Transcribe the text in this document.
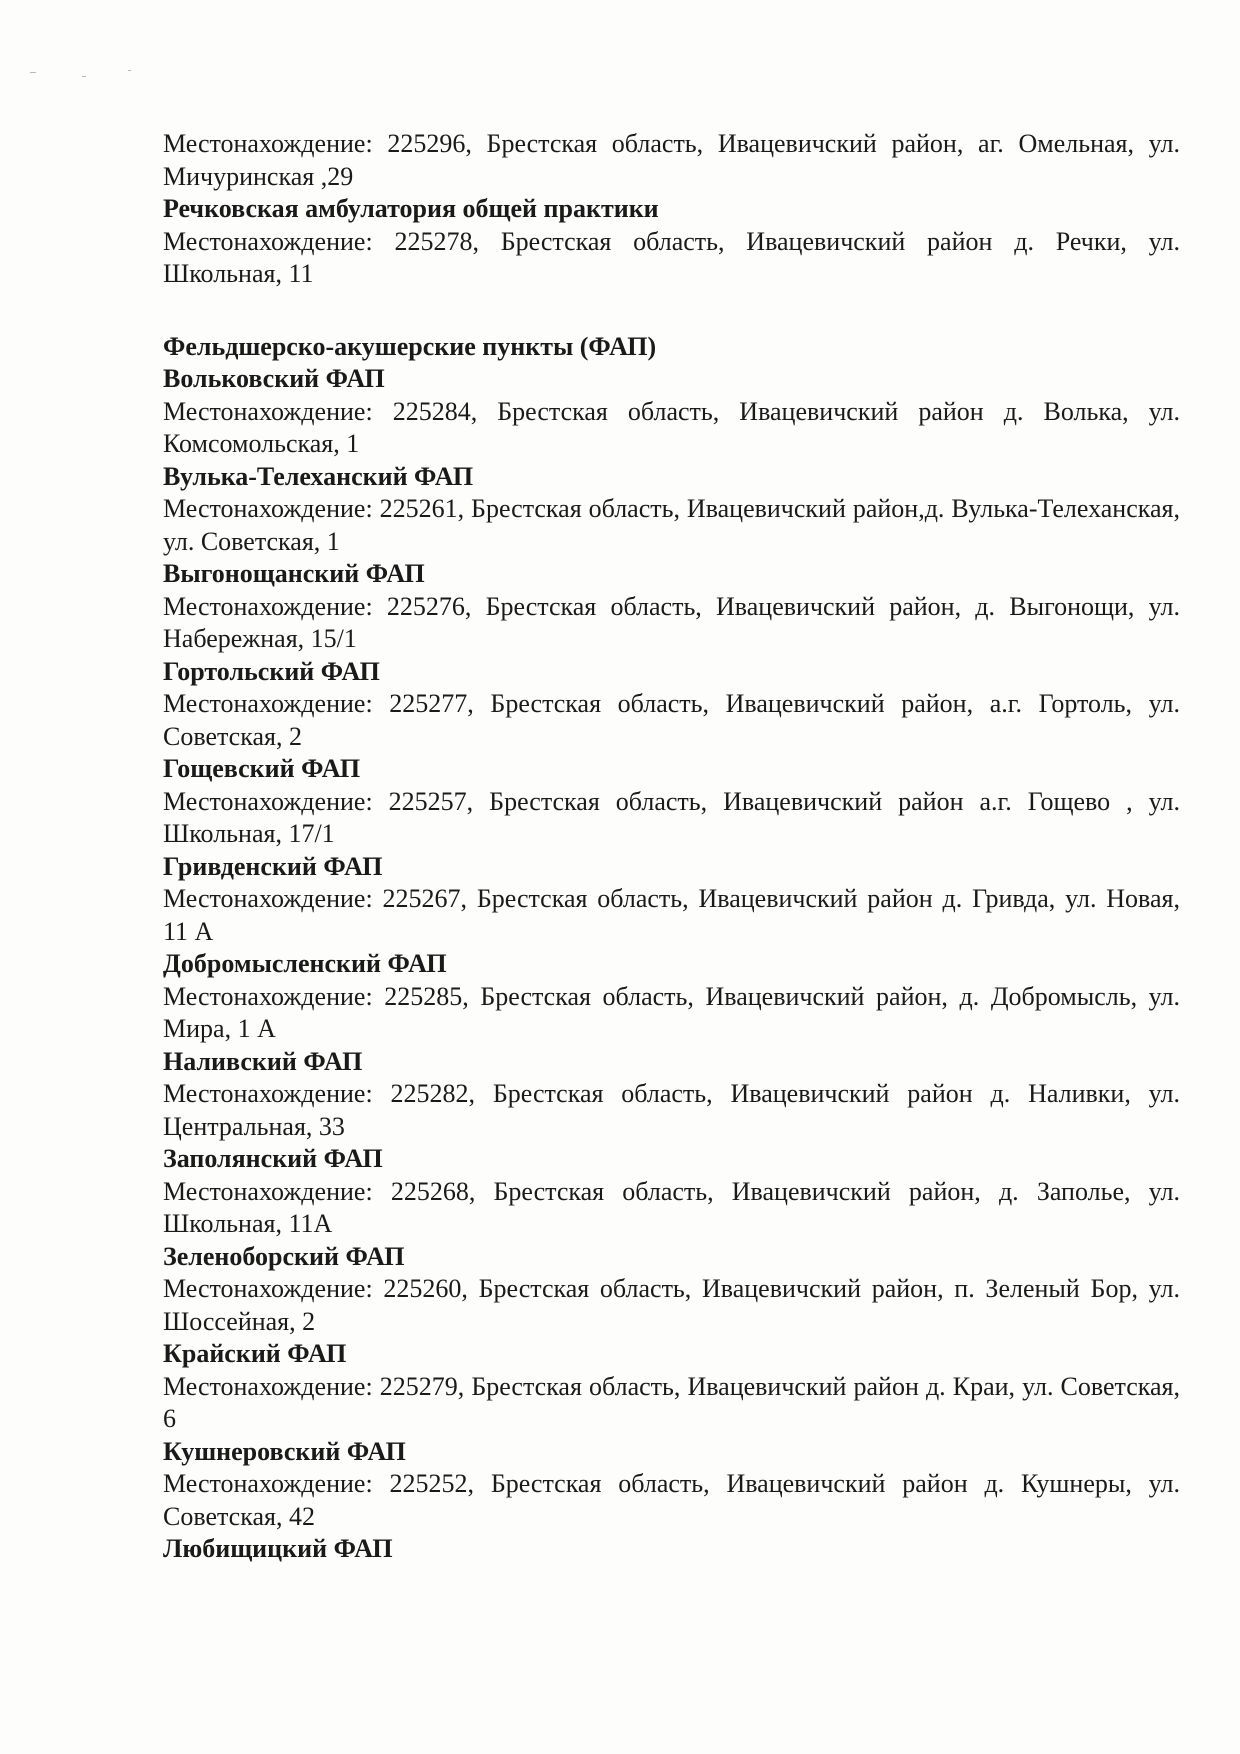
Местонахождение: 225296, Брестская область, Ивацевичский район, аг. Омельная, ул. Мичуринская ,29

Речковская амбулатория общей практики

Местонахождение: 225278, Брестская область, Ивацевичский район д. Речки, ул. Школьная, 11

Фельдшерско-акушерские пункты (ФАП)

Вольковский ФАП

Местонахождение: 225284, Брестская область, Ивацевичский район д. Волька, ул. Комсомольская, 1

Вулька-Телеханский ФАП

Местонахождение: 225261, Брестская область, Ивацевичский район,д. Вулька-Телеханская, ул. Советская, 1

Выгонощанский ФАП

Местонахождение: 225276, Брестская область, Ивацевичский район, д. Выгонощи, ул. Набережная, 15/1

Гортольский ФАП

Местонахождение: 225277, Брестская область, Ивацевичский район, а.г. Гортоль, ул. Советская, 2

Гощевский ФАП

Местонахождение: 225257, Брестская область, Ивацевичский район а.г. Гощево , ул. Школьная, 17/1

Гривденский ФАП

Местонахождение: 225267, Брестская область, Ивацевичский район д. Гривда, ул. Новая, 11 А

Добромысленский ФАП

Местонахождение: 225285, Брестская область, Ивацевичский район, д. Добромысль, ул. Мира, 1 А

Наливский ФАП

Местонахождение: 225282, Брестская область, Ивацевичский район д. Наливки, ул. Центральная, 33

Заполянский ФАП

Местонахождение: 225268, Брестская область, Ивацевичский район, д. Заполье, ул. Школьная, 11А

Зеленоборский ФАП

Местонахождение: 225260, Брестская область, Ивацевичский район, п. Зеленый Бор, ул. Шоссейная, 2

Крайский ФАП

Местонахождение: 225279, Брестская область, Ивацевичский район д. Краи, ул. Советская, 6

Кушнеровский ФАП

Местонахождение: 225252, Брестская область, Ивацевичский район д. Кушнеры, ул. Советская, 42

Любищицкий ФАП
